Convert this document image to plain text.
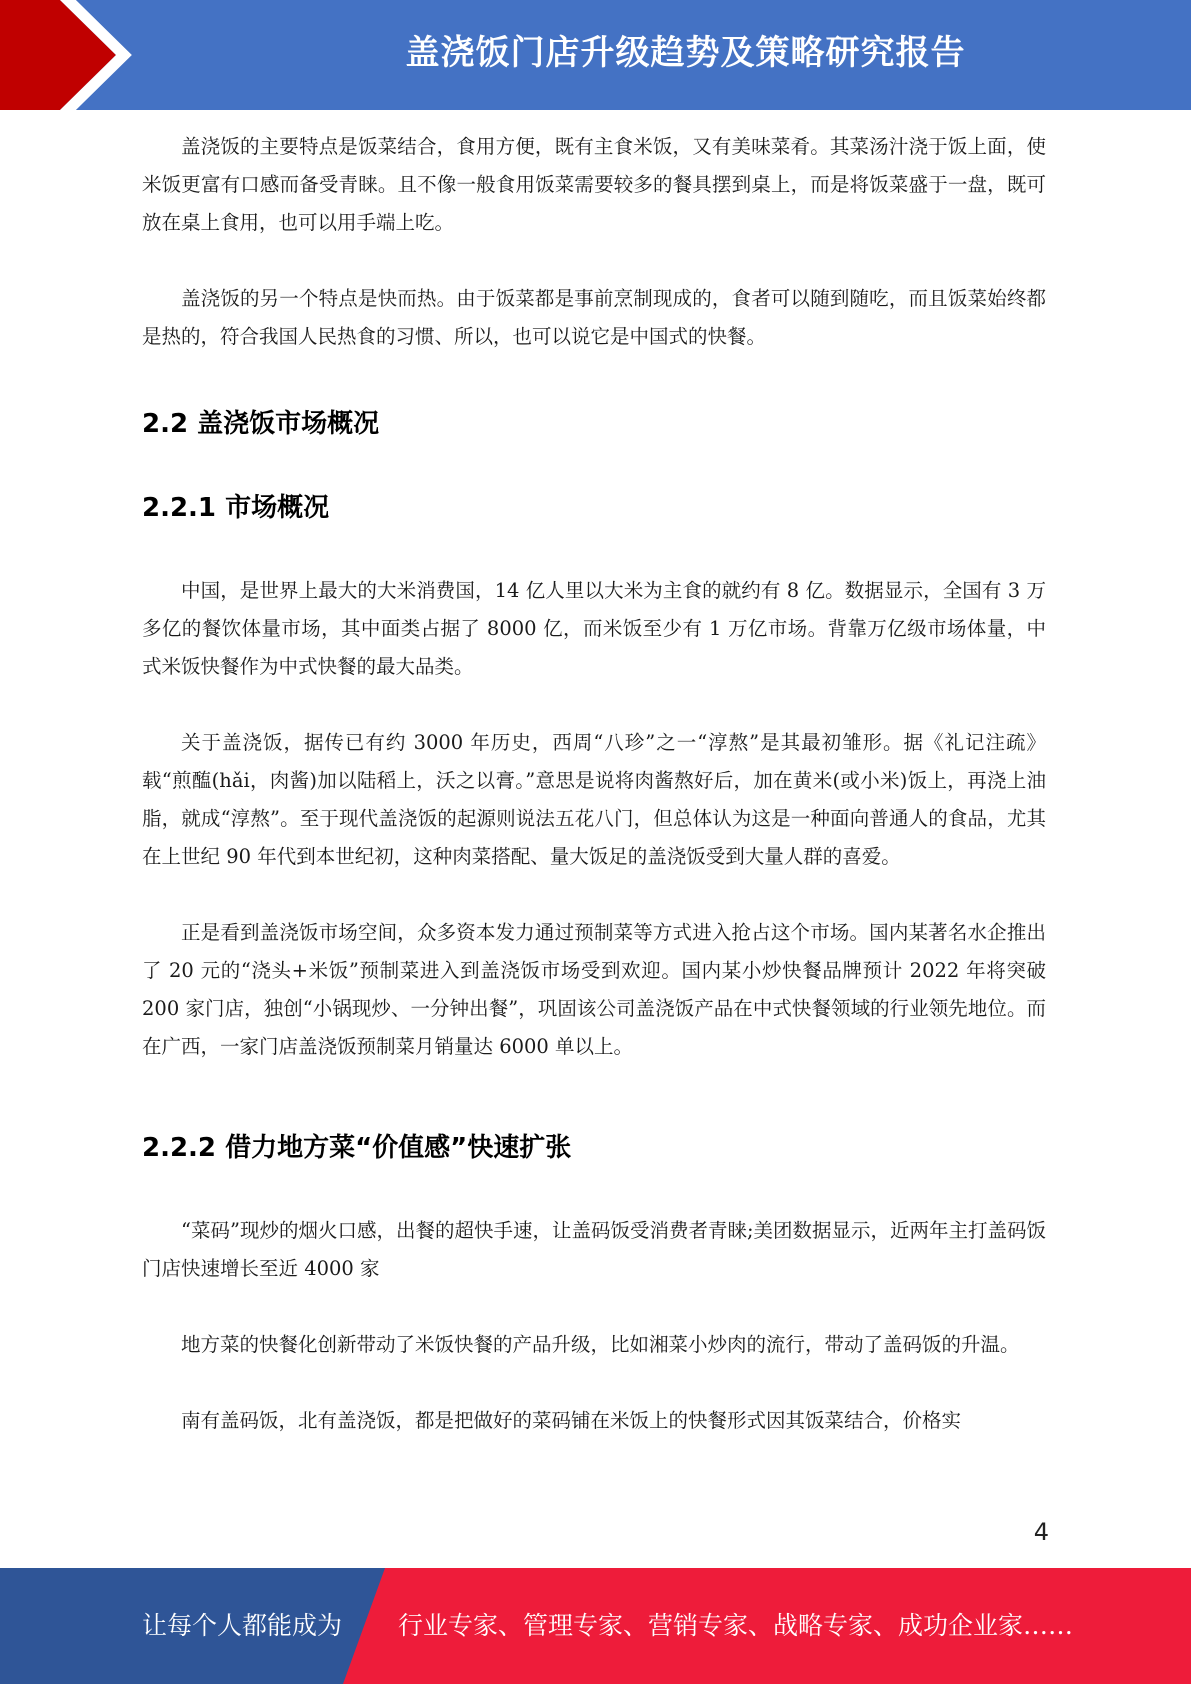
盖浇饭门店升级趋势及策略研究报告

盖浇饭的主要特点是饭菜结合，食用方便，既有主食米饭，又有美味菜肴。其菜汤汁浇于饭上面，使米饭更富有口感而备受青睐。且不像一般食用饭菜需要较多的餐具摆到桌上，而是将饭菜盛于一盘，既可放在桌上食用，也可以用手端上吃。

盖浇饭的另一个特点是快而热。由于饭菜都是事前烹制现成的，食者可以随到随吃，而且饭菜始终都是热的，符合我国人民热食的习惯、所以，也可以说它是中国式的快餐。

2.2 盖浇饭市场概况
2.2.1 市场概况

中国，是世界上最大的大米消费国，14 亿人里以大米为主食的就约有 8 亿。数据显示，全国有 3 万多亿的餐饮体量市场，其中面类占据了 8000 亿，而米饭至少有 1 万亿市场。背靠万亿级市场体量，中式米饭快餐作为中式快餐的最大品类。

关于盖浇饭，据传已有约 3000 年历史，西周“八珍”之一“淳熬”是其最初雏形。据《礼记注疏》载“煎醢(hǎi，肉酱)加以陆稻上，沃之以膏。”意思是说将肉酱熬好后，加在黄米(或小米)饭上，再浇上油脂，就成“淳熬”。至于现代盖浇饭的起源则说法五花八门，但总体认为这是一种面向普通人的食品，尤其在上世纪 90 年代到本世纪初，这种肉菜搭配、量大饭足的盖浇饭受到大量人群的喜爱。

正是看到盖浇饭市场空间，众多资本发力通过预制菜等方式进入抢占这个市场。国内某著名水企推出了 20 元的“浇头+米饭”预制菜进入到盖浇饭市场受到欢迎。国内某小炒快餐品牌预计 2022 年将突破 200 家门店，独创“小锅现炒、一分钟出餐”，巩固该公司盖浇饭产品在中式快餐领域的行业领先地位。而在广西，一家门店盖浇饭预制菜月销量达 6000 单以上。

2.2.2 借力地方菜“价值感”快速扩张

“菜码”现炒的烟火口感，出餐的超快手速，让盖码饭受消费者青睐;美团数据显示，近两年主打盖码饭门店快速增长至近 4000 家

地方菜的快餐化创新带动了米饭快餐的产品升级，比如湘菜小炒肉的流行，带动了盖码饭的升温。

南有盖码饭，北有盖浇饭，都是把做好的菜码铺在米饭上的快餐形式因其饭菜结合，价格实

4
让每个人都能成为 行业专家、管理专家、营销专家、战略专家、成功企业家……
